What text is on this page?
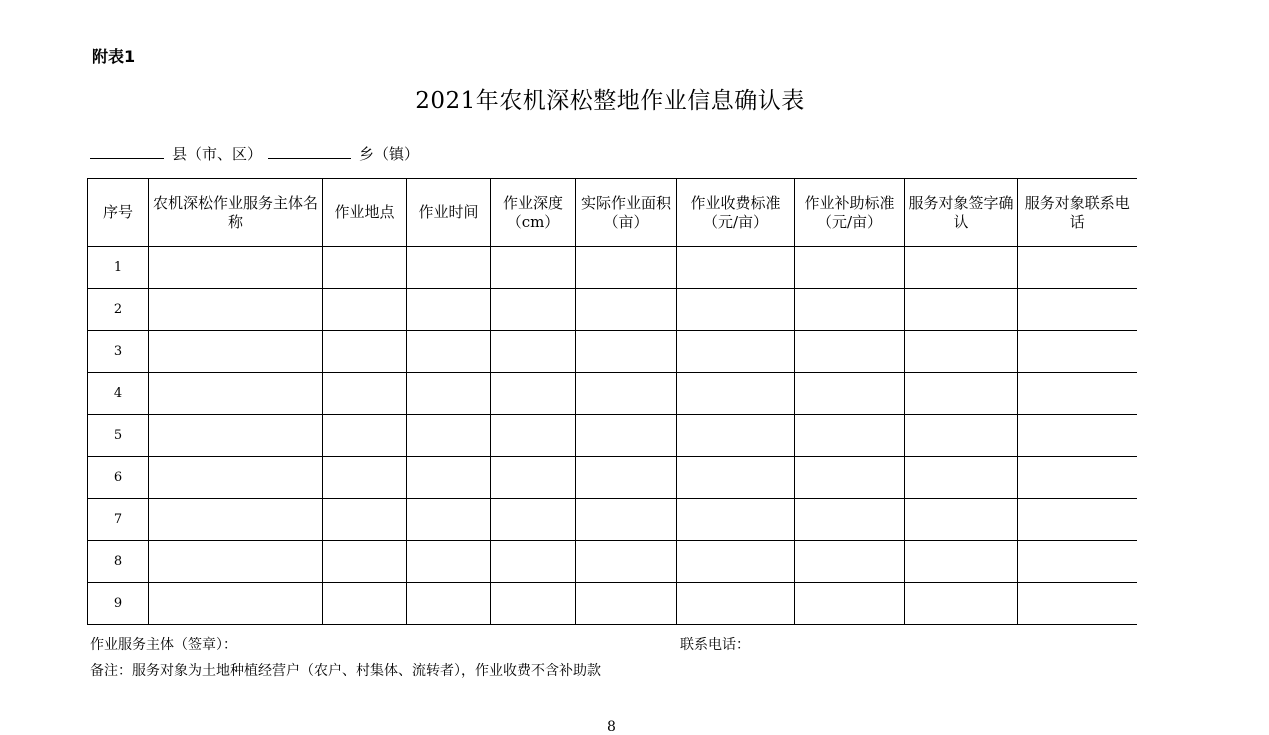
附表1
2021年农机深松整地作业信息确认表
县（市、区）	乡（镇）
序号	农机深松作业服务主体名称	作业地点	作业时间	作业深度（cm）	实际作业面积（亩）	作业收费标准（元/亩）	作业补助标准（元/亩）	服务对象签字确认	服务对象联系电话
1									
2									
3									
4									
5									
6									
7									
8									
9									
作业服务主体（签章）：	联系电话：
备注：服务对象为土地种植经营户（农户、村集体、流转者），作业收费不含补助款
8
